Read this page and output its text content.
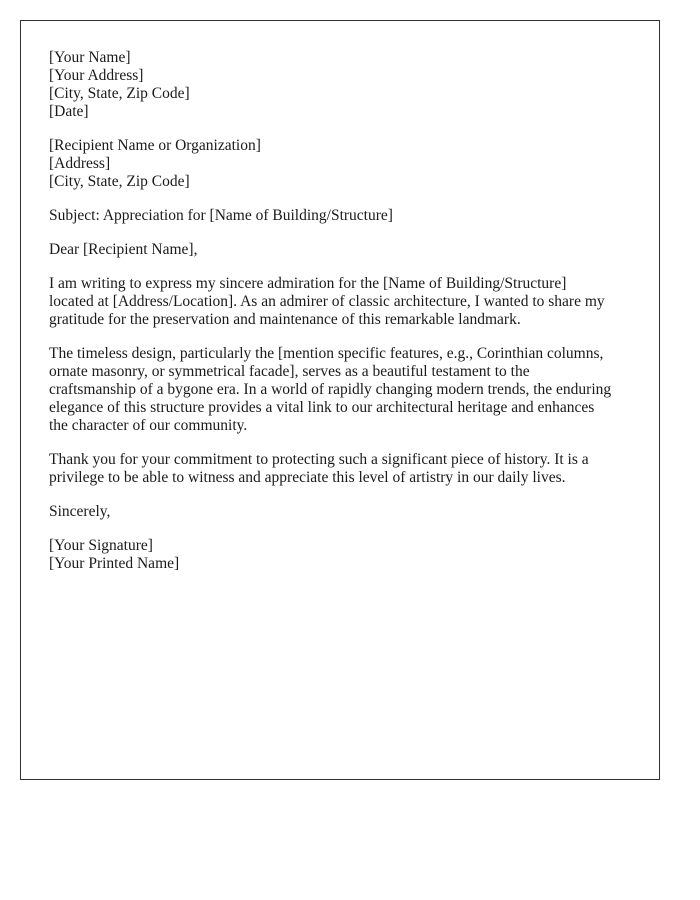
[Your Name]
[Your Address]
[City, State, Zip Code]
[Date]
[Recipient Name or Organization]
[Address]
[City, State, Zip Code]
Subject: Appreciation for [Name of Building/Structure]
Dear [Recipient Name],

I am writing to express my sincere admiration for the [Name of Building/Structure]
located at [Address/Location]. As an admirer of classic architecture, I wanted to share my
gratitude for the preservation and maintenance of this remarkable landmark.

The timeless design, particularly the [mention specific features, e.g., Corinthian columns,
ornate masonry, or symmetrical facade], serves as a beautiful testament to the
craftsmanship of a bygone era. In a world of rapidly changing modern trends, the enduring
elegance of this structure provides a vital link to our architectural heritage and enhances
the character of our community.

Thank you for your commitment to protecting such a significant piece of history. It is a
privilege to be able to witness and appreciate this level of artistry in our daily lives.

Sincerely,
[Your Signature]
[Your Printed Name]
